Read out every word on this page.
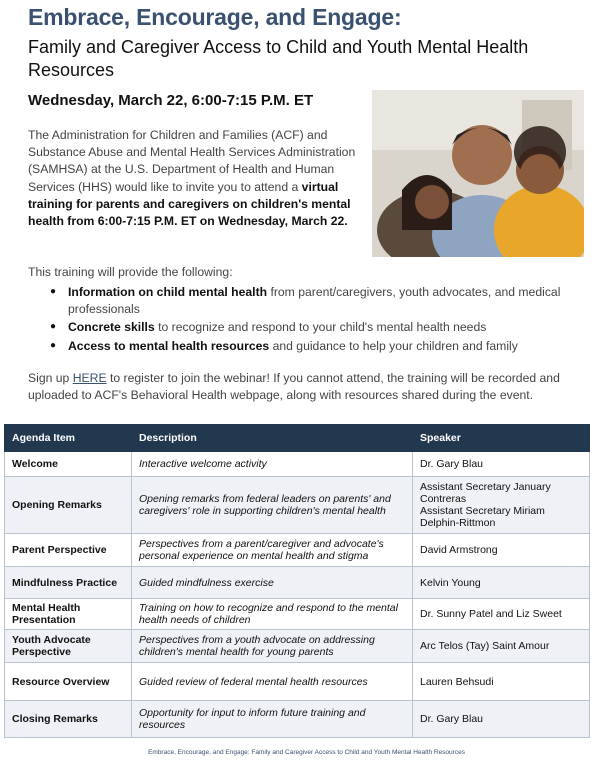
Embrace, Encourage, and Engage:
Family and Caregiver Access to Child and Youth Mental Health Resources
Wednesday, March 22, 6:00-7:15 P.M. ET
The Administration for Children and Families (ACF) and Substance Abuse and Mental Health Services Administration (SAMHSA) at the U.S. Department of Health and Human Services (HHS) would like to invite you to attend a virtual training for parents and caregivers on children's mental health from 6:00-7:15 P.M. ET on Wednesday, March 22.
This training will provide the following:
● Information on child mental health from parent/caregivers, youth advocates, and medical professionals
● Concrete skills to recognize and respond to your child's mental health needs
● Access to mental health resources and guidance to help your children and family
Sign up HERE to register to join the webinar! If you cannot attend, the training will be recorded and uploaded to ACF's Behavioral Health webpage, along with resources shared during the event.
Agenda Item	Description	Speaker
Welcome	Interactive welcome activity	Dr. Gary Blau
Opening Remarks	Opening remarks from federal leaders on parents' and caregivers' role in supporting children's mental health	Assistant Secretary January Contreras
Assistant Secretary Miriam Delphin-Rittmon
Parent Perspective	Perspectives from a parent/caregiver and advocate's personal experience on mental health and stigma	David Armstrong
Mindfulness Practice	Guided mindfulness exercise	Kelvin Young
Mental Health Presentation	Training on how to recognize and respond to the mental health needs of children	Dr. Sunny Patel and Liz Sweet
Youth Advocate Perspective	Perspectives from a youth advocate on addressing children's mental health for young parents	Arc Telos (Tay) Saint Amour
Resource Overview	Guided review of federal mental health resources	Lauren Behsudi
Closing Remarks	Opportunity for input to inform future training and resources	Dr. Gary Blau
Embrace, Encourage, and Engage: Family and Caregiver Access to Child and Youth Mental Health Resources
